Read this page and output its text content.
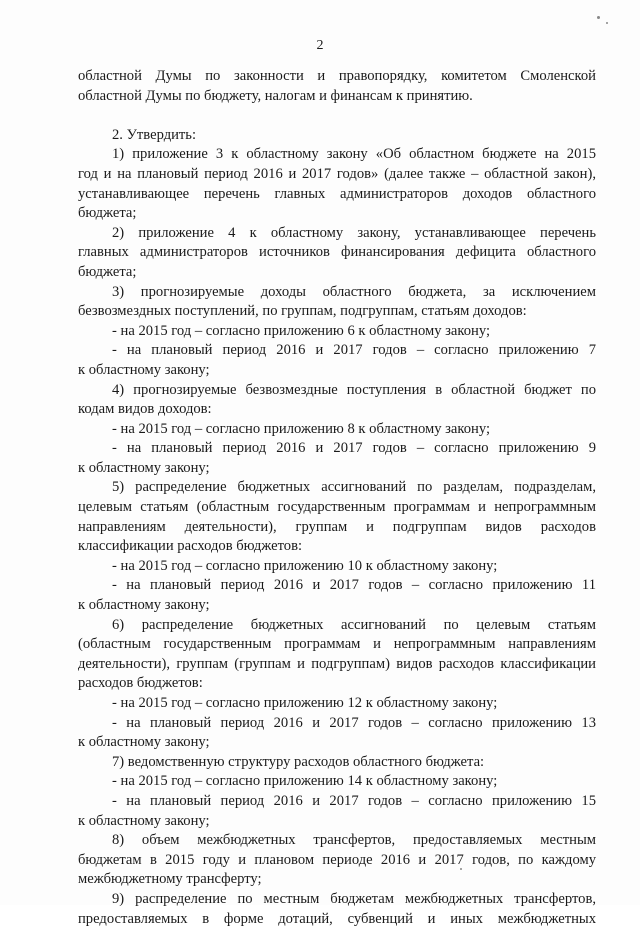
2
областной Думы по законности и правопорядку, комитетом Смоленской
областной Думы по бюджету, налогам и финансам к принятию.
2. Утвердить:
1) приложение 3 к областному закону «Об областном бюджете на 2015
год и на плановый период 2016 и 2017 годов» (далее также – областной закон),
устанавливающее перечень главных администраторов доходов областного
бюджета;
2) приложение 4 к областному закону, устанавливающее перечень
главных администраторов источников финансирования дефицита областного
бюджета;
3) прогнозируемые доходы областного бюджета, за исключением
безвозмездных поступлений, по группам, подгруппам, статьям доходов:
- на 2015 год – согласно приложению 6 к областному закону;
- на плановый период 2016 и 2017 годов – согласно приложению 7
к областному закону;
4) прогнозируемые безвозмездные поступления в областной бюджет по
кодам видов доходов:
- на 2015 год – согласно приложению 8 к областному закону;
- на плановый период 2016 и 2017 годов – согласно приложению 9
к областному закону;
5) распределение бюджетных ассигнований по разделам, подразделам,
целевым статьям (областным государственным программам и непрограммным
направлениям деятельности), группам и подгруппам видов расходов
классификации расходов бюджетов:
- на 2015 год – согласно приложению 10 к областному закону;
- на плановый период 2016 и 2017 годов – согласно приложению 11
к областному закону;
6) распределение бюджетных ассигнований по целевым статьям
(областным государственным программам и непрограммным направлениям
деятельности), группам (группам и подгруппам) видов расходов классификации
расходов бюджетов:
- на 2015 год – согласно приложению 12 к областному закону;
- на плановый период 2016 и 2017 годов – согласно приложению 13
к областному закону;
7) ведомственную структуру расходов областного бюджета:
- на 2015 год – согласно приложению 14 к областному закону;
- на плановый период 2016 и 2017 годов – согласно приложению 15
к областному закону;
8) объем межбюджетных трансфертов, предоставляемых местным
бюджетам в 2015 году и плановом периоде 2016 и 2017 годов, по каждому
межбюджетному трансферту;
9) распределение по местным бюджетам межбюджетных трансфертов,
предоставляемых в форме дотаций, субвенций и иных межбюджетных
